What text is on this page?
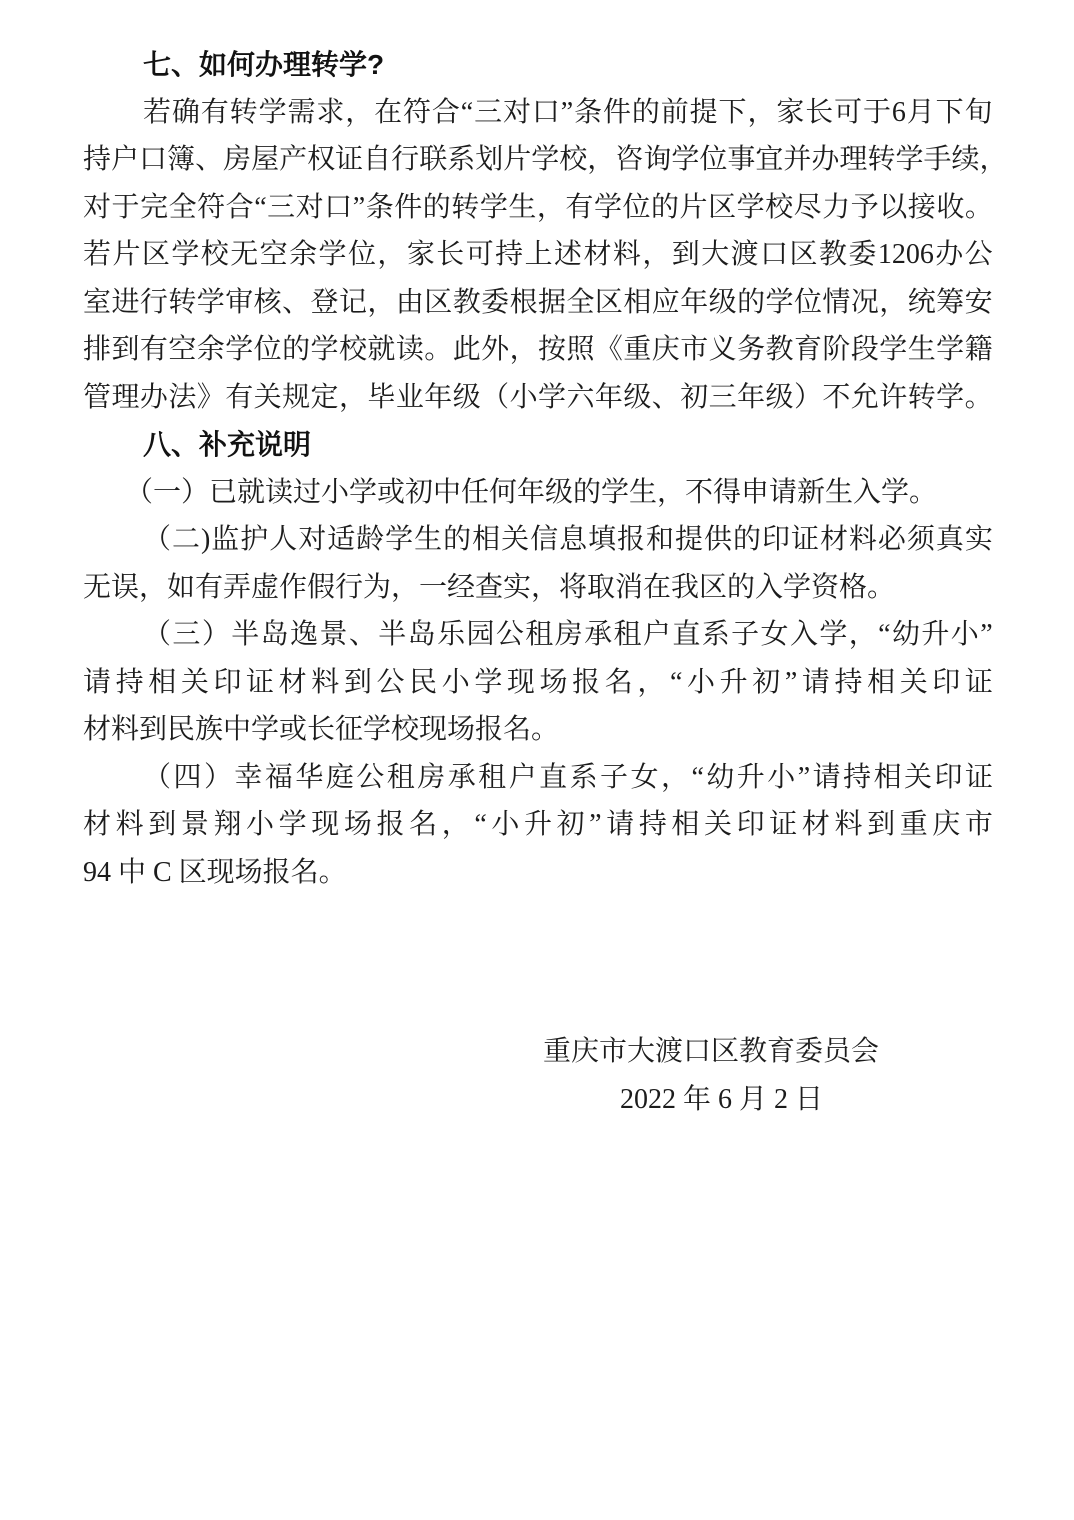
七、如何办理转学?
若 确 有 转 学 需 求 ， 在 符 合 “ 三 对 口 ” 条 件 的 前 提 下 ， 家 长 可 于 6 月 下 旬
持 户 口 簿 、 房 屋 产 权 证 自 行 联 系 划 片 学 校 ， 咨 询 学 位 事 宜 并 办 理 转 学 手 续 ，
对 于 完 全 符 合 “ 三 对 口 ” 条 件 的 转 学 生 ， 有 学 位 的 片 区 学 校 尽 力 予 以 接 收 。
若 片 区 学 校 无 空 余 学 位 ， 家 长 可 持 上 述 材 料 ， 到 大 渡 口 区 教 委 1206 办 公
室 进 行 转 学 审 核 、 登 记 ， 由 区 教 委 根 据 全 区 相 应 年 级 的 学 位 情 况 ， 统 筹 安
排 到 有 空 余 学 位 的 学 校 就 读 。 此 外 ， 按 照 《 重 庆 市 义 务 教 育 阶 段 学 生 学 籍
管 理 办 法 》 有 关 规 定 ， 毕 业 年 级 （ 小 学 六 年 级 、 初 三 年 级 ） 不 允 许 转 学 。
八、补充说明
（一）已就读过小学或初中任何年级的学生，不得申请新生入学。
（ 二 ) 监 护 人 对 适 龄 学 生 的 相 关 信 息 填 报 和 提 供 的 印 证 材 料 必 须 真 实
无误，如有弄虚作假行为，一经查实，将取消在我区的入学资格。
（ 三 ） 半 岛 逸 景 、 半 岛 乐 园 公 租 房 承 租 户 直 系 子 女 入 学 ， “ 幼 升 小 ”
请 持 相 关 印 证 材 料 到 公 民 小 学 现 场 报 名 ， “ 小 升 初 ” 请 持 相 关 印 证
材料到民族中学或长征学校现场报名。
（ 四 ） 幸 福 华 庭 公 租 房 承 租 户 直 系 子 女 ， “ 幼 升 小 ” 请 持 相 关 印 证
材 料 到 景 翔 小 学 现 场 报 名 ， “ 小 升 初 ” 请 持 相 关 印 证 材 料 到 重 庆 市
94 中 C 区现场报名。
重庆市大渡口区教育委员会
2022 年 6 月 2 日
